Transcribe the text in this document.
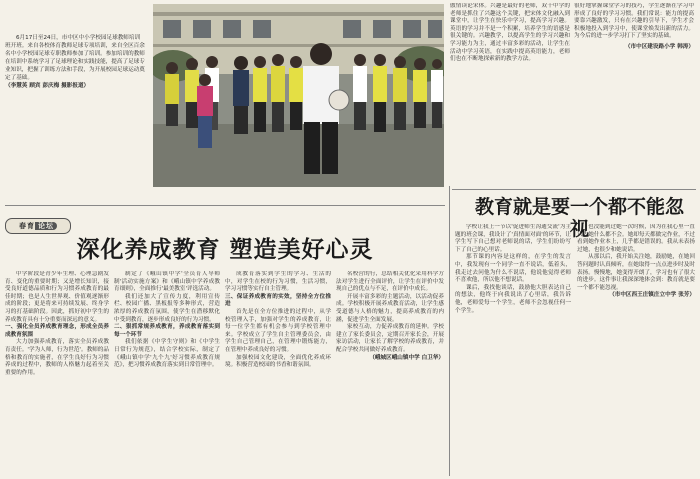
6月17日至24日，市中区中小学校园足球教师培训班开班。来自各校体育教师足球专项培训，来自全区百余名中小学校园足球专职教师参加了培训。参加培训的教师在培训中系统学习了足球理论和实践技能，提高了足球专业知识，把握了训练方法和手段，为开展校园足球运动奠定了基础。

（李慧英 顾宾 彭庆梅 摄影报道）

傲情读论宋体。兴趣是最好的老师，双十中学的老师是抓住了兴趣这个关键，把宋体文化融入到课堂中，让学生在快乐中学习，提高学习兴趣。英语的学习并不是一个积累，培养学生的语感是很关键的。兴趣教学，以提高学生的学习兴趣和学习能力为主，通过丰富多彩的活动，让学生在活动中学习英语，在实践中提高英语能力，老师们也在不断地探索新的教学方法。
很好地掌握课堂学习的技巧，学生逐渐在学习中形成了良好的学习习惯。我们常说：能力的提高要靠兴趣激发，只有在兴趣的引导下，学生才会积极地投入到学习中，使课堂焕发出新的活力。为今后的进一步学习打下了坚实的基础。
（市中区建设路小学 韩涛）
春育 论坛
深化养成教育 塑造美好心灵

中学阶段是青少年生理、心理急剧发育、变化的重要时期；又是增长知识，接受良好道德品质和行为习惯养成教育的最佳时期；也是人生世界观、价值观逐渐形成的阶段；更是将来可持续发展、终身学习的打基础阶段。因此，抓好初中学生的养成教育具有十分重要而深远的意义。

一、强化全员养成教育理念，形成全员养成教育氛围

大力加强养成教育，落实全员养成教育责任。'学为人师，行为世范'。教师的品格和教育的实施者，在学生良好行为习惯养成的过程中，教师的人格魅力起着至关重要的作用。

制定了《峨山镇中学'全员育人导师制'活动实施方案》和《峨山镇中学养成教育细则》，全面推行'最美教室'评选活动。

我们还加大了宣传力度，利用宣传栏、校园广播、黑板报等多种形式，营造浓厚的养成教育氛围，使学生在潜移默化中受到教育，逐步形成良好的行为习惯。

二、狠抓常规养成教育，养成教育落实到每一个环节

我们依据《中学生守则》和《中学生日常行为规范》，结合学校实际，制定了《峨山镇中学'九个九'好习惯养成教育规范》，把习惯养成教育落实到日常管理中。

成教育落实到学生的学习、生活的中，对学生在校的行为习惯，生活习惯，学习习惯等实行自主管理。

三、保证养成教育的实效，坚持全方位推进

首先是在全方位推进的过程中，从学校管理入手，加强对学生的养成教育，让每一位学生都有机会参与到学校管理中来。学校成立了学生自主管理委员会，由学生自己管理自己，在管理中锻炼能力，在管理中养成良好的习惯。

加强校园文化建设，全面优化养成环境。积极营造校园的书香和谐氛围。

名校营的行，总结相关优化采用科学方法对学生进行全面评价，让学生在评价中发现自己的优点与不足，在评价中成长。

开展丰富多彩的主题活动，以活动促养成。学校积极开展养成教育活动，让学生感受道德与人格的魅力，提高养成教育的内涵，促进学生全面发展。

家校互动，力促养成教育的延伸。学校建立了家长委员会，定期召开家长会，开展家访活动，让家长了解学校的养成教育，并配合学校共同做好养成教育。

（峨城区峨山镇中学 白卫华）

教育就是要一个都不能忽视

学校让我上一节以'促进师生沟通交流'为主题的班会课，我设计了'真情面对面'的环节，让学生写下自己想对老师说的话，学生们纷纷写下了自己的心里话。

那节课的内容是这样的，在学生的发言中，我发现有一个同学一直不说话，低着头，我走过去问他为什么不说话，他说他觉得老师不喜欢他，所以他不想说话。

课后，我找他谈话，鼓励他大胆表达自己的想法，他终于向我说出了心里话，我告诉他，老师爱每一个学生，老师不会忽视任何一个学生。

也没能到过她一次时候，因为在我心里一直认为她什么都不会。她却每天都做完作业，不过看到她作业本上，几乎都是错误的。我从未表扬过她，也很少和她说话。

从那以后，我开始关注她，鼓励她，在她回答问题时认真倾听，在她取得一点点进步时及时表扬。慢慢地，她变得开朗了，学习也有了很大的进步。这件事让我深深地体会到：教育就是要一个都不能忽视。

（市中区西王庄镇庄立中学 张芳）
